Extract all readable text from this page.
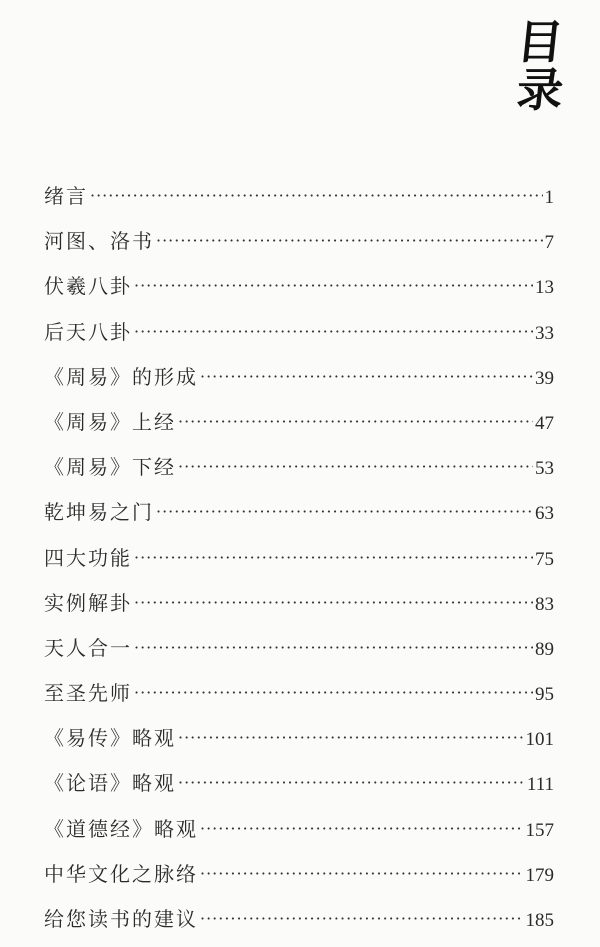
目
录
绪言 ·····	1
河图、洛书 ·····	7
伏羲八卦 ·····	13
后天八卦 ·····	33
《周易》的形成 ·····	39
《周易》上经 ·····	47
《周易》下经 ·····	53
乾坤易之门 ·····	63
四大功能 ·····	75
实例解卦 ·····	83
天人合一 ·····	89
至圣先师 ·····	95
《易传》略观 ·····	101
《论语》略观 ·····	111
《道德经》略观 ·····	157
中华文化之脉络 ·····	179
给您读书的建议 ·····	185
